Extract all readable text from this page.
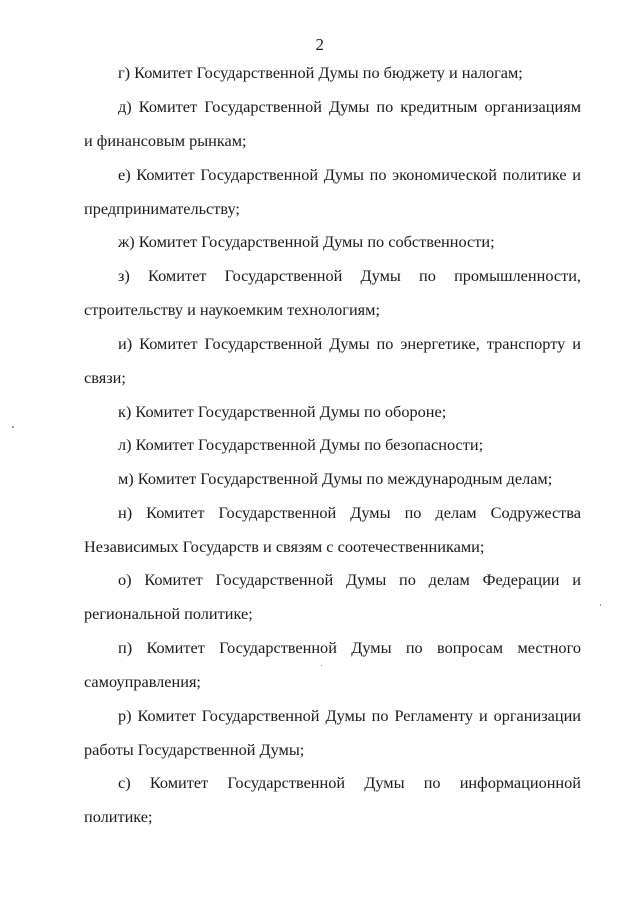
2
г) Комитет Государственной Думы по бюджету и налогам;
д) Комитет Государственной Думы по кредитным организациям
и финансовым рынкам;
е) Комитет Государственной Думы по экономической политике и
предпринимательству;
ж) Комитет Государственной Думы по собственности;
з) Комитет Государственной Думы по промышленности,
строительству и наукоемким технологиям;
и) Комитет Государственной Думы по энергетике, транспорту и
связи;
к) Комитет Государственной Думы по обороне;
л) Комитет Государственной Думы по безопасности;
м) Комитет Государственной Думы по международным делам;
н) Комитет Государственной Думы по делам Содружества
Независимых Государств и связям с соотечественниками;
о) Комитет Государственной Думы по делам Федерации и
региональной политике;
п) Комитет Государственной Думы по вопросам местного
самоуправления;
р) Комитет Государственной Думы по Регламенту и организации
работы Государственной Думы;
с) Комитет Государственной Думы по информационной
политике;
